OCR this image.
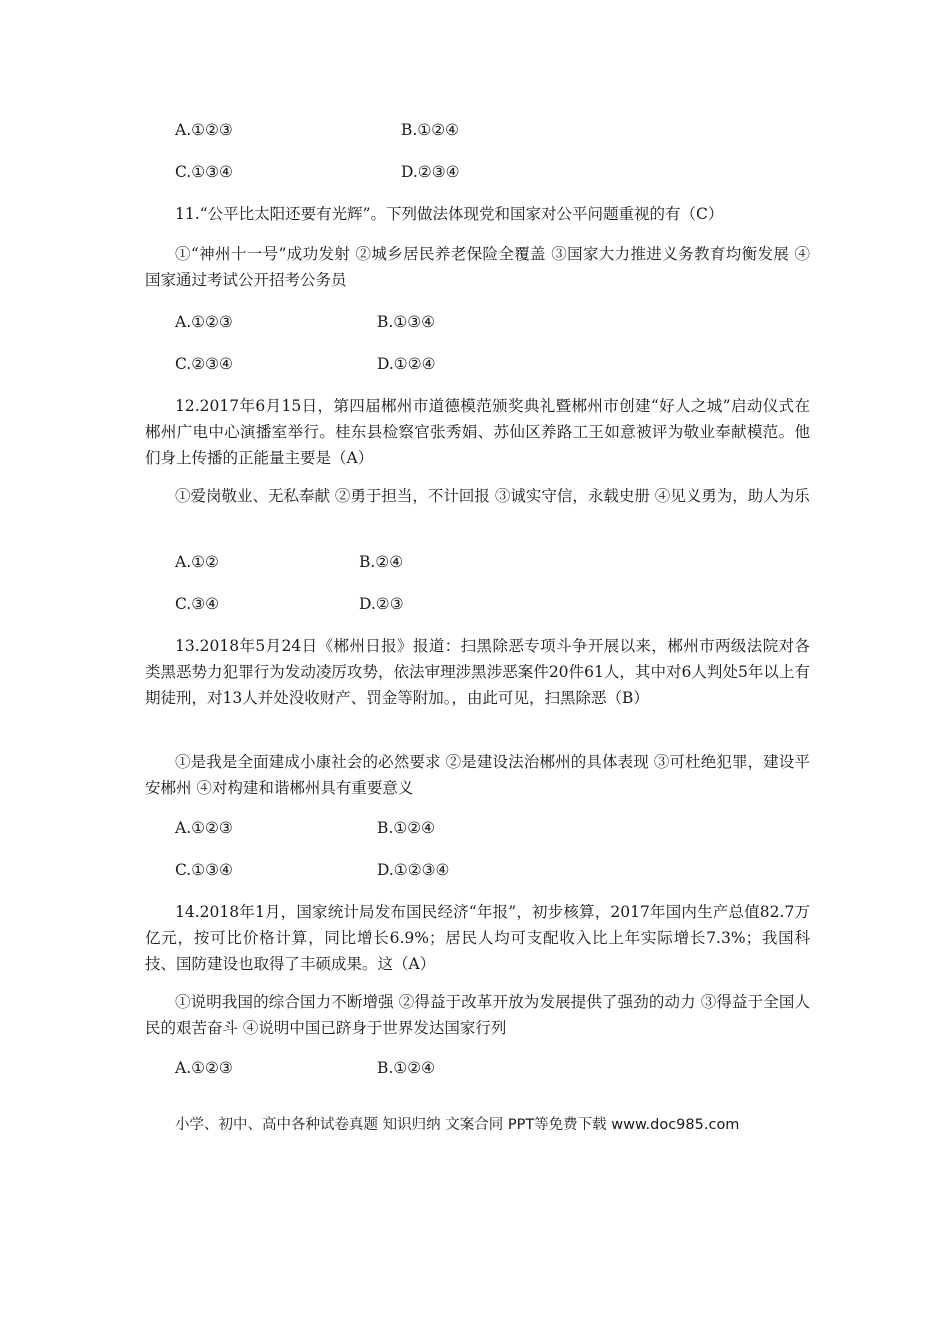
A.①②③	B.①②④
C.①③④	D.②③④
11.“公平比太阳还要有光辉”。下列做法体现党和国家对公平问题重视的有（C）
①“神州十一号”成功发射 ②城乡居民养老保险全覆盖 ③国家大力推进义务教育均衡发展 ④国家通过考试公开招考公务员
A.①②③	B.①③④
C.②③④	D.①②④
12.2017年6月15日，第四届郴州市道德模范颁奖典礼暨郴州市创建“好人之城”启动仪式在郴州广电中心演播室举行。桂东县检察官张秀娟、苏仙区养路工王如意被评为敬业奉献模范。他们身上传播的正能量主要是（A）
①爱岗敬业、无私奉献 ②勇于担当，不计回报 ③诚实守信，永载史册 ④见义勇为，助人为乐
A.①②	B.②④
C.③④	D.②③
13.2018年5月24日《郴州日报》报道：扫黑除恶专项斗争开展以来，郴州市两级法院对各类黑恶势力犯罪行为发动凌厉攻势，依法审理涉黑涉恶案件20件61人，其中对6人判处5年以上有期徒刑，对13人并处没收财产、罚金等附加。，由此可见，扫黑除恶（B）
①是我是全面建成小康社会的必然要求 ②是建设法治郴州的具体表现 ③可杜绝犯罪，建设平安郴州 ④对构建和谐郴州具有重要意义
A.①②③	B.①②④
C.①③④	D.①②③④
14.2018年1月，国家统计局发布国民经济“年报”，初步核算，2017年国内生产总值82.7万亿元，按可比价格计算，同比增长6.9%；居民人均可支配收入比上年实际增长7.3%；我国科技、国防建设也取得了丰硕成果。这（A）
①说明我国的综合国力不断增强 ②得益于改革开放为发展提供了强劲的动力 ③得益于全国人民的艰苦奋斗 ④说明中国已跻身于世界发达国家行列
A.①②③	B.①②④
小学、初中、高中各种试卷真题 知识归纳 文案合同 PPT等免费下载 www.doc985.com
